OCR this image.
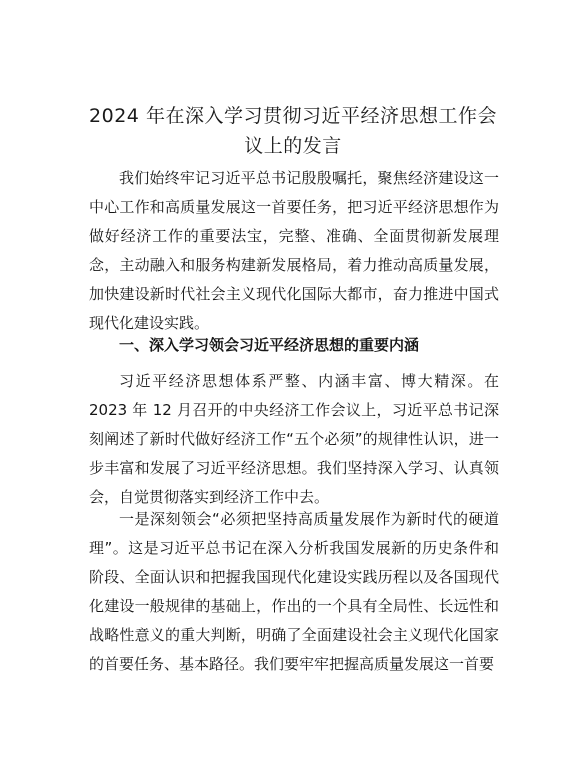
2024 年在深入学习贯彻习近平经济思想工作会
议上的发言

我们始终牢记习近平总书记殷殷嘱托，聚焦经济建设这一中心工作和高质量发展这一首要任务，把习近平经济思想作为做好经济工作的重要法宝，完整、准确、全面贯彻新发展理念，主动融入和服务构建新发展格局，着力推动高质量发展，加快建设新时代社会主义现代化国际大都市，奋力推进中国式现代化建设实践。

一、深入学习领会习近平经济思想的重要内涵

习近平经济思想体系严整、内涵丰富、博大精深。在 2023 年 12 月召开的中央经济工作会议上，习近平总书记深刻阐述了新时代做好经济工作“五个必须”的规律性认识，进一步丰富和发展了习近平经济思想。我们坚持深入学习、认真领会，自觉贯彻落实到经济工作中去。

一是深刻领会“必须把坚持高质量发展作为新时代的硬道理”。这是习近平总书记在深入分析我国发展新的历史条件和阶段、全面认识和把握我国现代化建设实践历程以及各国现代化建设一般规律的基础上，作出的一个具有全局性、长远性和战略性意义的重大判断，明确了全面建设社会主义现代化国家的首要任务、基本路径。我们要牢牢把握高质量发展这一首要
